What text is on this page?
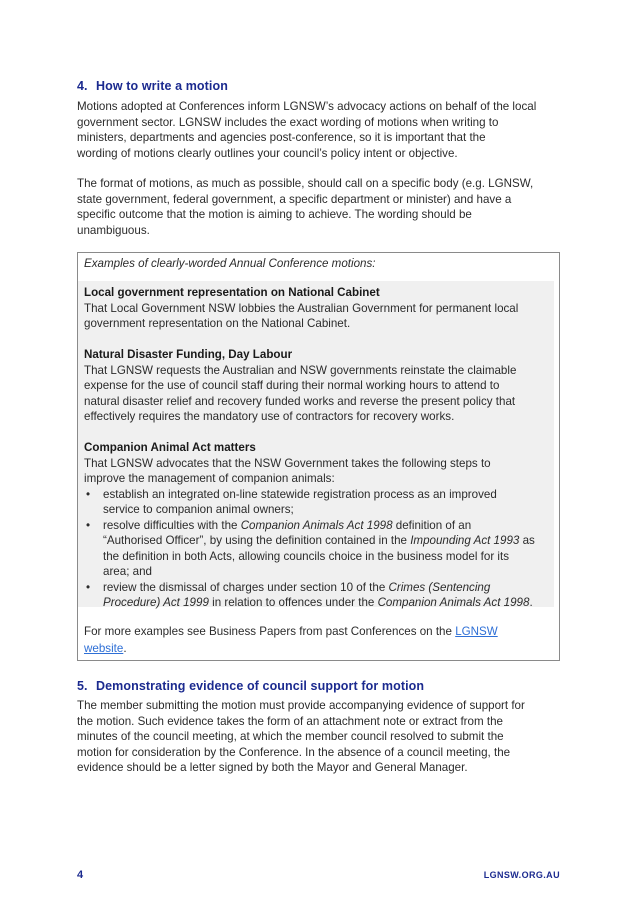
4. How to write a motion

Motions adopted at Conferences inform LGNSW’s advocacy actions on behalf of the local
government sector. LGNSW includes the exact wording of motions when writing to
ministers, departments and agencies post-conference, so it is important that the
wording of motions clearly outlines your council’s policy intent or objective.

The format of motions, as much as possible, should call on a specific body (e.g. LGNSW,
state government, federal government, a specific department or minister) and have a
specific outcome that the motion is aiming to achieve. The wording should be
unambiguous.

Examples of clearly-worded Annual Conference motions:
Local government representation on National Cabinet
That Local Government NSW lobbies the Australian Government for permanent local
government representation on the National Cabinet.
Natural Disaster Funding, Day Labour
That LGNSW requests the Australian and NSW governments reinstate the claimable
expense for the use of council staff during their normal working hours to attend to
natural disaster relief and recovery funded works and reverse the present policy that
effectively requires the mandatory use of contractors for recovery works.
Companion Animal Act matters
That LGNSW advocates that the NSW Government takes the following steps to
improve the management of companion animals:
• establish an integrated on-line statewide registration process as an improved
service to companion animal owners;
• resolve difficulties with the Companion Animals Act 1998 definition of an
“Authorised Officer”, by using the definition contained in the Impounding Act 1993 as
the definition in both Acts, allowing councils choice in the business model for its
area; and
• review the dismissal of charges under section 10 of the Crimes (Sentencing
Procedure) Act 1999 in relation to offences under the Companion Animals Act 1998.
For more examples see Business Papers from past Conferences on the LGNSW
website.
5. Demonstrating evidence of council support for motion

The member submitting the motion must provide accompanying evidence of support for
the motion. Such evidence takes the form of an attachment note or extract from the
minutes of the council meeting, at which the member council resolved to submit the
motion for consideration by the Conference. In the absence of a council meeting, the
evidence should be a letter signed by both the Mayor and General Manager.

4	LGNSW.ORG.AU
